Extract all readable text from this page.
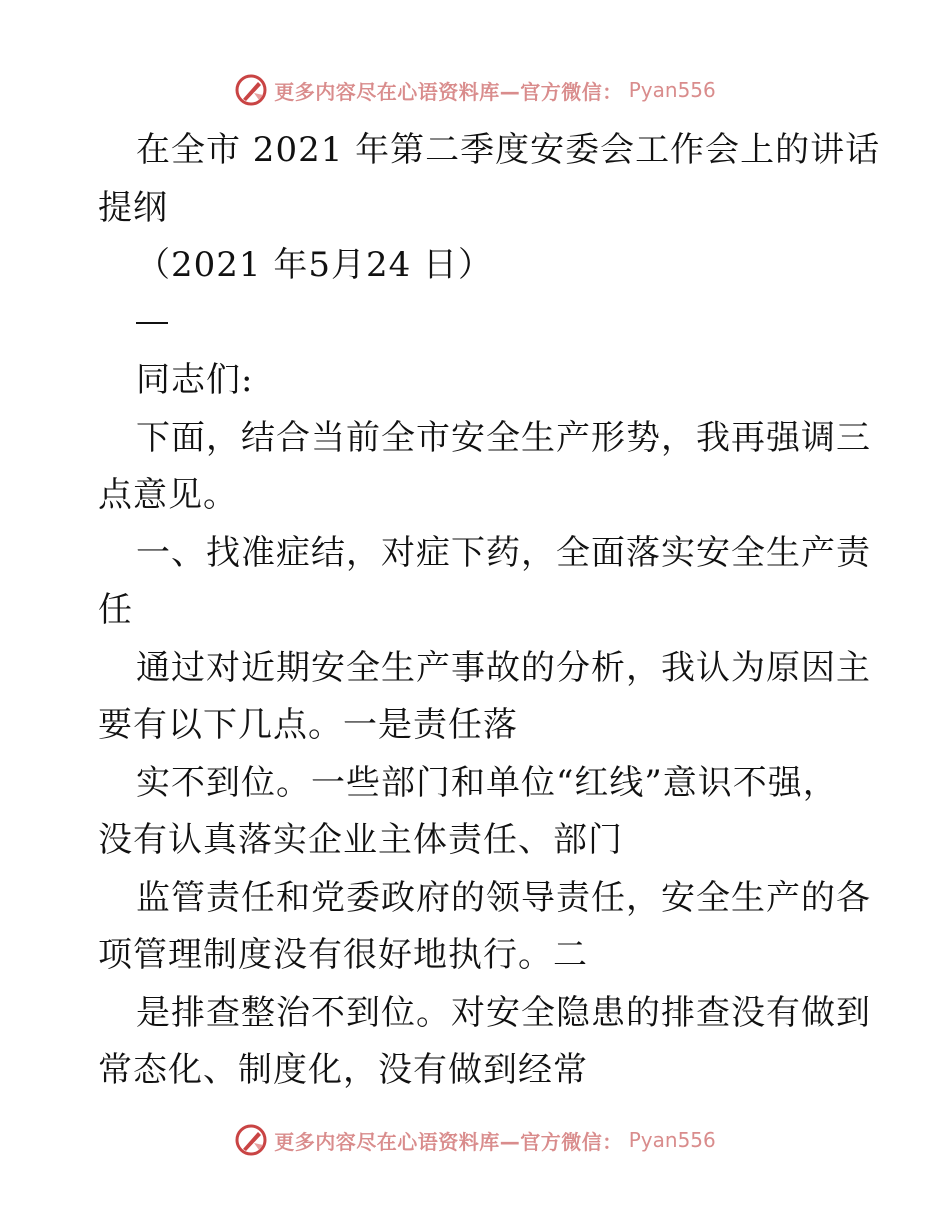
更多内容尽在心语资料库—官方微信： Pyan556
在全市 2021 年第二季度安委会工作会上的讲话
提纲
（2021 年5月24 日）
同志们:
下面，结合当前全市安全生产形势，我再强调三
点意见。
一、找准症结，对症下药，全面落实安全生产责
任
通过对近期安全生产事故的分析，我认为原因主
要有以下几点。一是责任落
实不到位。一些部门和单位“红线”意识不强，
没有认真落实企业主体责任、部门
监管责任和党委政府的领导责任，安全生产的各
项管理制度没有很好地执行。二
是排查整治不到位。对安全隐患的排查没有做到
常态化、制度化，没有做到经常
更多内容尽在心语资料库—官方微信： Pyan556
